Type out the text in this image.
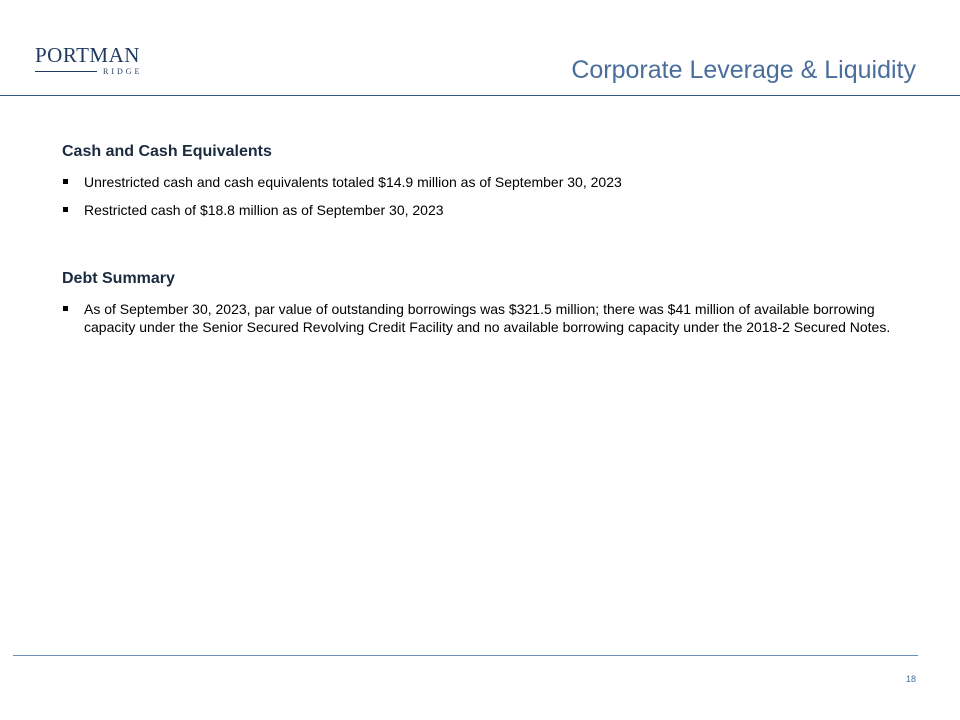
PORTMAN
RIDGE	Corporate Leverage & Liquidity
Cash and Cash Equivalents
Unrestricted cash and cash equivalents totaled $14.9 million as of September 30, 2023
Restricted cash of $18.8 million as of September 30, 2023
Debt Summary
As of September 30, 2023, par value of outstanding borrowings was $321.5 million; there was $41 million of available borrowing capacity under the Senior Secured Revolving Credit Facility and no available borrowing capacity under the 2018-2 Secured Notes.
18
